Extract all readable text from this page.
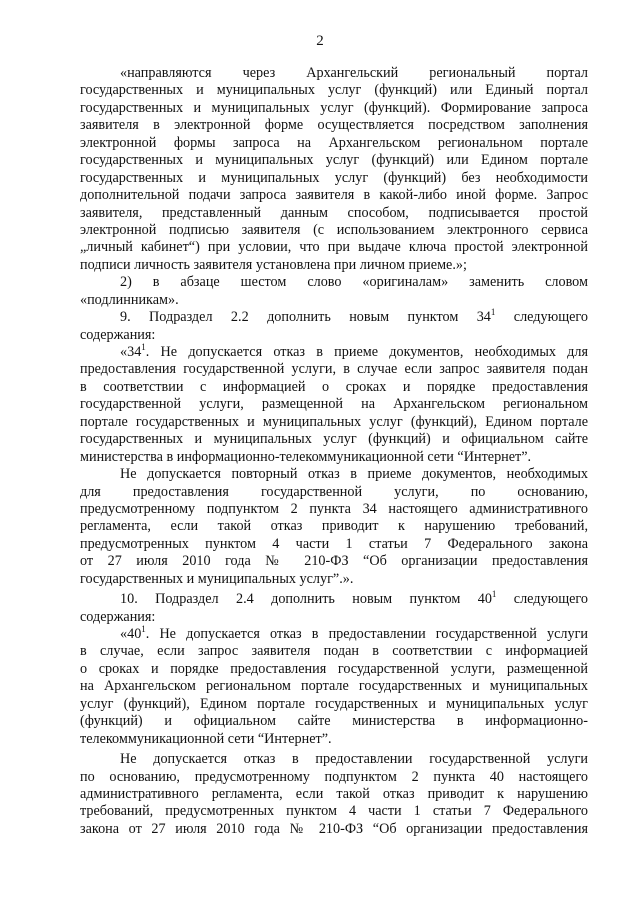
2
«направляются через Архангельский региональный портал
государственных и муниципальных услуг (функций) или Единый портал
государственных и муниципальных услуг (функций). Формирование запроса
заявителя в электронной форме осуществляется посредством заполнения
электронной формы запроса на Архангельском региональном портале
государственных и муниципальных услуг (функций) или Едином портале
государственных и муниципальных услуг (функций) без необходимости
дополнительной подачи запроса заявителя в какой-либо иной форме. Запрос
заявителя, представленный данным способом, подписывается простой
электронной подписью заявителя (с использованием электронного сервиса
„личный кабинет“) при условии, что при выдаче ключа простой электронной
подписи личность заявителя установлена при личном приеме.»;
2) в абзаце шестом слово «оригиналам» заменить словом
«подлинникам».
9. Подраздел 2.2 дополнить новым пунктом $34^1$ следующего
содержания:
«$34^1$. Не допускается отказ в приеме документов, необходимых для
предоставления государственной услуги, в случае если запрос заявителя подан
в соответствии с информацией о сроках и порядке предоставления
государственной услуги, размещенной на Архангельском региональном
портале государственных и муниципальных услуг (функций), Едином портале
государственных и муниципальных услуг (функций) и официальном сайте
министерства в информационно-телекоммуникационной сети “Интернет”.
Не допускается повторный отказ в приеме документов, необходимых
для предоставления государственной услуги, по основанию,
предусмотренному подпунктом 2 пункта 34 настоящего административного
регламента, если такой отказ приводит к нарушению требований,
предусмотренных пунктом 4 части 1 статьи 7 Федерального закона
от 27 июля 2010 года № 210-ФЗ “Об организации предоставления
государственных и муниципальных услуг”.».
10. Подраздел 2.4 дополнить новым пунктом $40^1$ следующего
содержания:
«$40^1$. Не допускается отказ в предоставлении государственной услуги
в случае, если запрос заявителя подан в соответствии с информацией
о сроках и порядке предоставления государственной услуги, размещенной
на Архангельском региональном портале государственных и муниципальных
услуг (функций), Едином портале государственных и муниципальных услуг
(функций) и официальном сайте министерства в информационно-
телекоммуникационной сети “Интернет”.
Не допускается отказ в предоставлении государственной услуги
по основанию, предусмотренному подпунктом 2 пункта 40 настоящего
административного регламента, если такой отказ приводит к нарушению
требований, предусмотренных пунктом 4 части 1 статьи 7 Федерального
закона от 27 июля 2010 года № 210-ФЗ “Об организации предоставления
